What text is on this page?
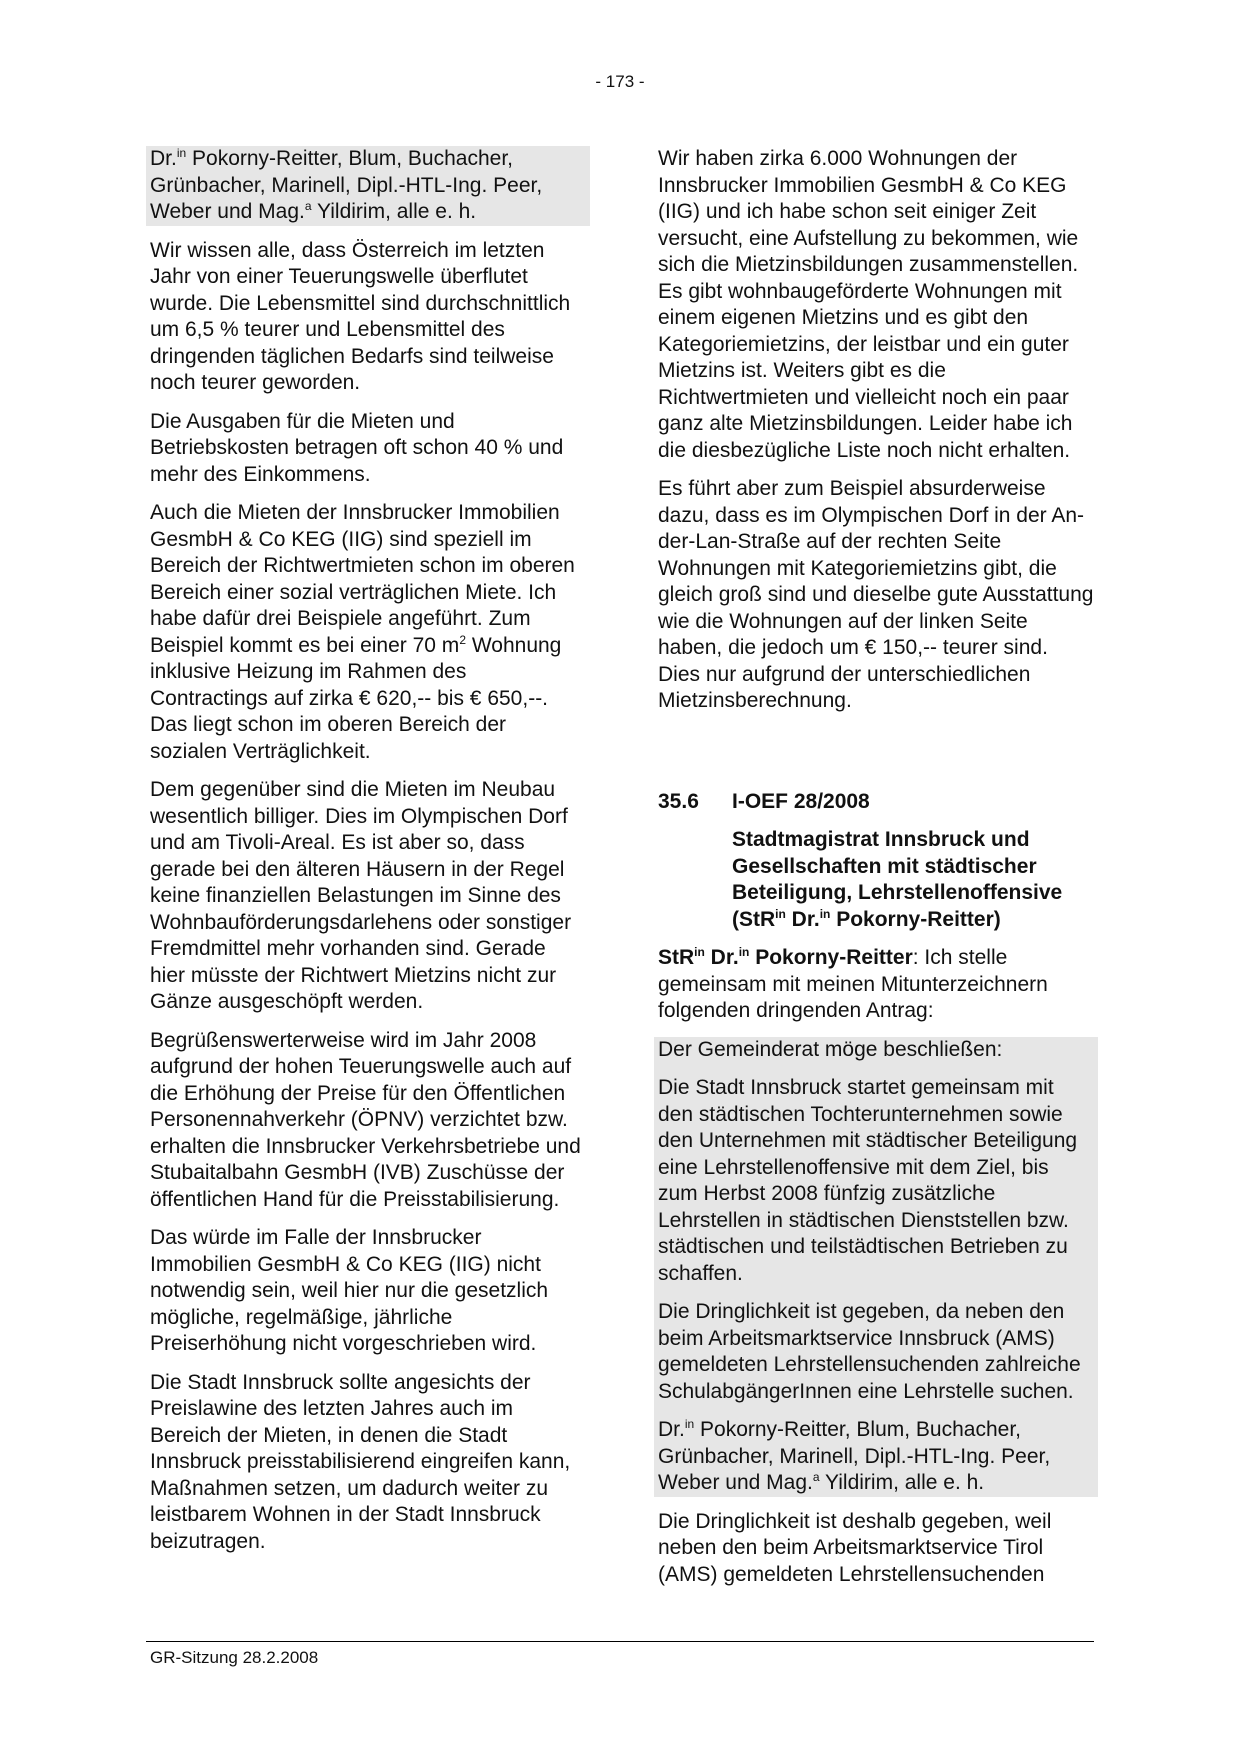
- 173 -
Dr.$^{in}$ Pokorny-Reitter, Blum, Buchacher, Grünbacher, Marinell, Dipl.-HTL-Ing. Peer, Weber und Mag.$^a$ Yildirim, alle e. h.
Wir wissen alle, dass Österreich im letzten Jahr von einer Teuerungswelle überflutet wurde. Die Lebensmittel sind durchschnittlich um 6,5 % teurer und Lebensmittel des dringenden täglichen Bedarfs sind teilweise noch teurer geworden.
Die Ausgaben für die Mieten und Betriebskosten betragen oft schon 40 % und mehr des Einkommens.
Auch die Mieten der Innsbrucker Immobilien GesmbH & Co KEG (IIG) sind speziell im Bereich der Richtwertmieten schon im oberen Bereich einer sozial verträglichen Miete. Ich habe dafür drei Beispiele angeführt. Zum Beispiel kommt es bei einer 70 $m^2$ Wohnung inklusive Heizung im Rahmen des Contractings auf zirka € 620,-- bis € 650,--. Das liegt schon im oberen Bereich der sozialen Verträglichkeit.
Dem gegenüber sind die Mieten im Neubau wesentlich billiger. Dies im Olympischen Dorf und am Tivoli-Areal. Es ist aber so, dass gerade bei den älteren Häusern in der Regel keine finanziellen Belastungen im Sinne des Wohnbauförderungsdarlehens oder sonstiger Fremdmittel mehr vorhanden sind. Gerade hier müsste der Richtwert Mietzins nicht zur Gänze ausgeschöpft werden.
Begrüßenswerterweise wird im Jahr 2008 aufgrund der hohen Teuerungswelle auch auf die Erhöhung der Preise für den Öffentlichen Personennahverkehr (ÖPNV) verzichtet bzw. erhalten die Innsbrucker Verkehrsbetriebe und Stubaitalbahn GesmbH (IVB) Zuschüsse der öffentlichen Hand für die Preisstabilisierung.
Das würde im Falle der Innsbrucker Immobilien GesmbH & Co KEG (IIG) nicht notwendig sein, weil hier nur die gesetzlich mögliche, regelmäßige, jährliche Preiserhöhung nicht vorgeschrieben wird.
Die Stadt Innsbruck sollte angesichts der Preislawine des letzten Jahres auch im Bereich der Mieten, in denen die Stadt Innsbruck preisstabilisierend eingreifen kann, Maßnahmen setzen, um dadurch weiter zu leistbarem Wohnen in der Stadt Innsbruck beizutragen.
Wir haben zirka 6.000 Wohnungen der Innsbrucker Immobilien GesmbH & Co KEG (IIG) und ich habe schon seit einiger Zeit versucht, eine Aufstellung zu bekommen, wie sich die Mietzinsbildungen zusammenstellen. Es gibt wohnbaugeförderte Wohnungen mit einem eigenen Mietzins und es gibt den Kategoriemietzins, der leistbar und ein guter Mietzins ist. Weiters gibt es die Richtwertmieten und vielleicht noch ein paar ganz alte Mietzinsbildungen. Leider habe ich die diesbezügliche Liste noch nicht erhalten.
Es führt aber zum Beispiel absurderweise dazu, dass es im Olympischen Dorf in der An-der-Lan-Straße auf der rechten Seite Wohnungen mit Kategoriemietzins gibt, die gleich groß sind und dieselbe gute Ausstattung wie die Wohnungen auf der linken Seite haben, die jedoch um € 150,-- teurer sind. Dies nur aufgrund der unterschiedlichen Mietzinsberechnung.
35.6 I-OEF 28/2008
Stadtmagistrat Innsbruck und Gesellschaften mit städtischer Beteiligung, Lehrstellenoffensive (StR$^{in}$ Dr.$^{in}$ Pokorny-Reitter)
StR$^{in}$ Dr.$^{in}$ Pokorny-Reitter: Ich stelle gemeinsam mit meinen Mitunterzeichnern folgenden dringenden Antrag:
Der Gemeinderat möge beschließen:
Die Stadt Innsbruck startet gemeinsam mit den städtischen Tochterunternehmen sowie den Unternehmen mit städtischer Beteiligung eine Lehrstellenoffensive mit dem Ziel, bis zum Herbst 2008 fünfzig zusätzliche Lehrstellen in städtischen Dienststellen bzw. städtischen und teilstädtischen Betrieben zu schaffen.
Die Dringlichkeit ist gegeben, da neben den beim Arbeitsmarktservice Innsbruck (AMS) gemeldeten Lehrstellensuchenden zahlreiche SchulabgängerInnen eine Lehrstelle suchen.
Dr.$^{in}$ Pokorny-Reitter, Blum, Buchacher, Grünbacher, Marinell, Dipl.-HTL-Ing. Peer, Weber und Mag.$^a$ Yildirim, alle e. h.
Die Dringlichkeit ist deshalb gegeben, weil neben den beim Arbeitsmarktservice Tirol (AMS) gemeldeten Lehrstellensuchenden
GR-Sitzung 28.2.2008
